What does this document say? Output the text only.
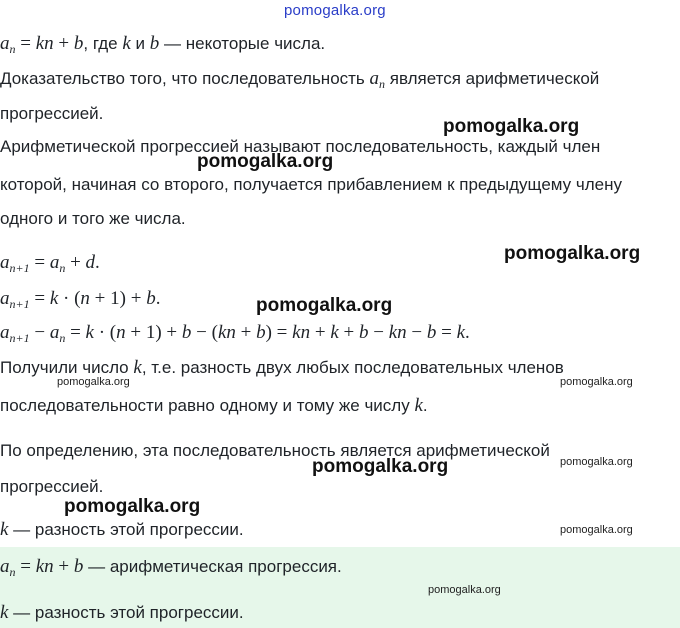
pomogalka.org
$a_n$ = kn + b, где k и b — некоторые числа.
Доказательство того, что последовательность $a_n$ является арифметической
прогрессией.
Арифметической прогрессией называют последовательность, каждый член
которой, начиная со второго, получается прибавлением к предыдущему члену
одного и того же числа.
$a_{n+1} = a_n + d$.
$a_{n+1} = k \cdot (n + 1) + b$.
$a_{n+1} - a_n = k \cdot (n + 1) + b - (kn + b)$ = kn + k + b − kn − b = k.
Получили число k, т.е. разность двух любых последовательных членов
последовательности равно одному и тому же числу k.
По определению, эта последовательность является арифметической
прогрессией.
k — разность этой прогрессии.
$a_n$ = kn + b — арифметическая прогрессия.
k — разность этой прогрессии.
pomogalka.org
pomogalka.org
pomogalka.org
pomogalka.org
pomogalka.org	pomogalka.org
pomogalka.org
pomogalka.org
pomogalka.org
pomogalka.org
pomogalka.org
